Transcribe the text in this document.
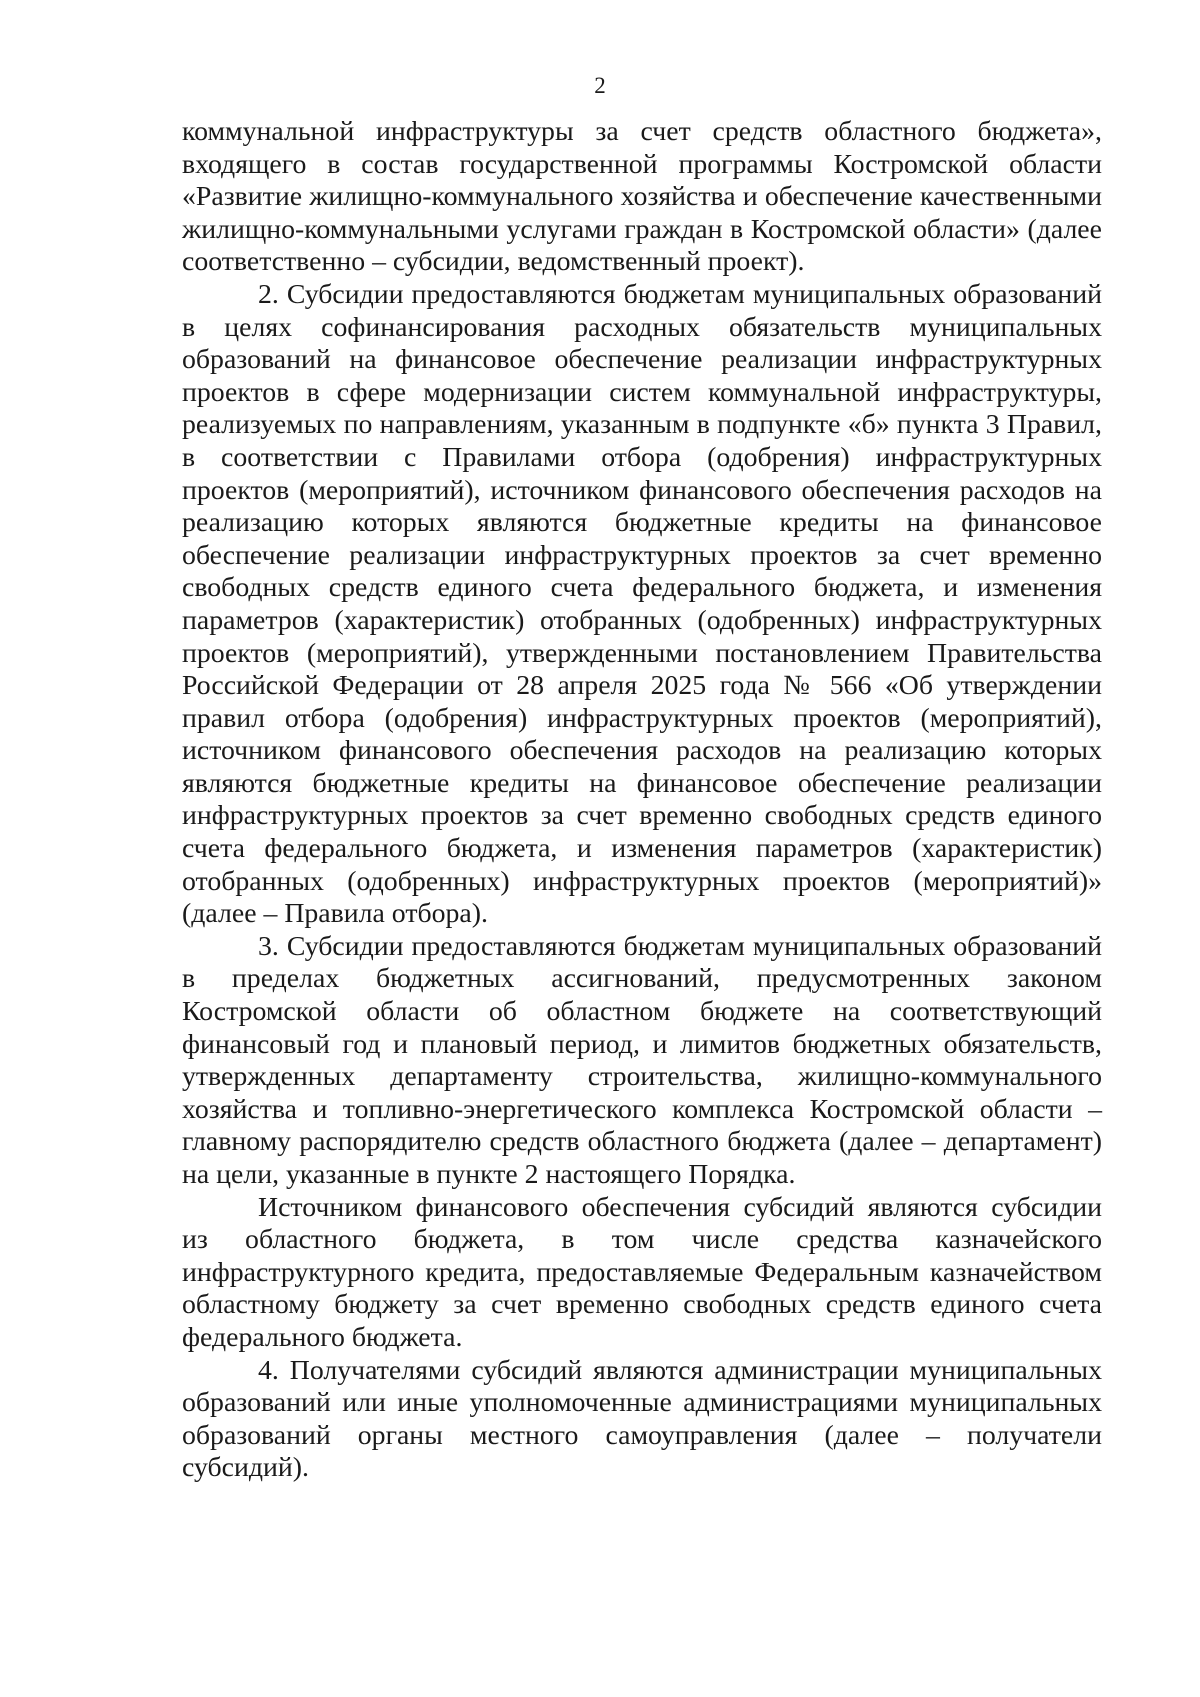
2

коммунальной инфраструктуры за счет средств областного бюджета», входящего в состав государственной программы Костромской области «Развитие жилищно-коммунального хозяйства и обеспечение качественными жилищно-коммунальными услугами граждан в Костромской области» (далее соответственно – субсидии, ведомственный проект).

2. Субсидии предоставляются бюджетам муниципальных образований в целях софинансирования расходных обязательств муниципальных образований на финансовое обеспечение реализации инфраструктурных проектов в сфере модернизации систем коммунальной инфраструктуры, реализуемых по направлениям, указанным в подпункте «б» пункта 3 Правил, в соответствии с Правилами отбора (одобрения) инфраструктурных проектов (мероприятий), источником финансового обеспечения расходов на реализацию которых являются бюджетные кредиты на финансовое обеспечение реализации инфраструктурных проектов за счет временно свободных средств единого счета федерального бюджета, и изменения параметров (характеристик) отобранных (одобренных) инфраструктурных проектов (мероприятий), утвержденными постановлением Правительства Российской Федерации от 28 апреля 2025 года № 566 «Об утверждении правил отбора (одобрения) инфраструктурных проектов (мероприятий), источником финансового обеспечения расходов на реализацию которых являются бюджетные кредиты на финансовое обеспечение реализации инфраструктурных проектов за счет временно свободных средств единого счета федерального бюджета, и изменения параметров (характеристик) отобранных (одобренных) инфраструктурных проектов (мероприятий)» (далее – Правила отбора).

3. Субсидии предоставляются бюджетам муниципальных образований в пределах бюджетных ассигнований, предусмотренных законом Костромской области об областном бюджете на соответствующий финансовый год и плановый период, и лимитов бюджетных обязательств, утвержденных департаменту строительства, жилищно-коммунального хозяйства и топливно-энергетического комплекса Костромской области – главному распорядителю средств областного бюджета (далее – департамент) на цели, указанные в пункте 2 настоящего Порядка.

Источником финансового обеспечения субсидий являются субсидии из областного бюджета, в том числе средства казначейского инфраструктурного кредита, предоставляемые Федеральным казначейством областному бюджету за счет временно свободных средств единого счета федерального бюджета.

4. Получателями субсидий являются администрации муниципальных образований или иные уполномоченные администрациями муниципальных образований органы местного самоуправления (далее – получатели субсидий).
